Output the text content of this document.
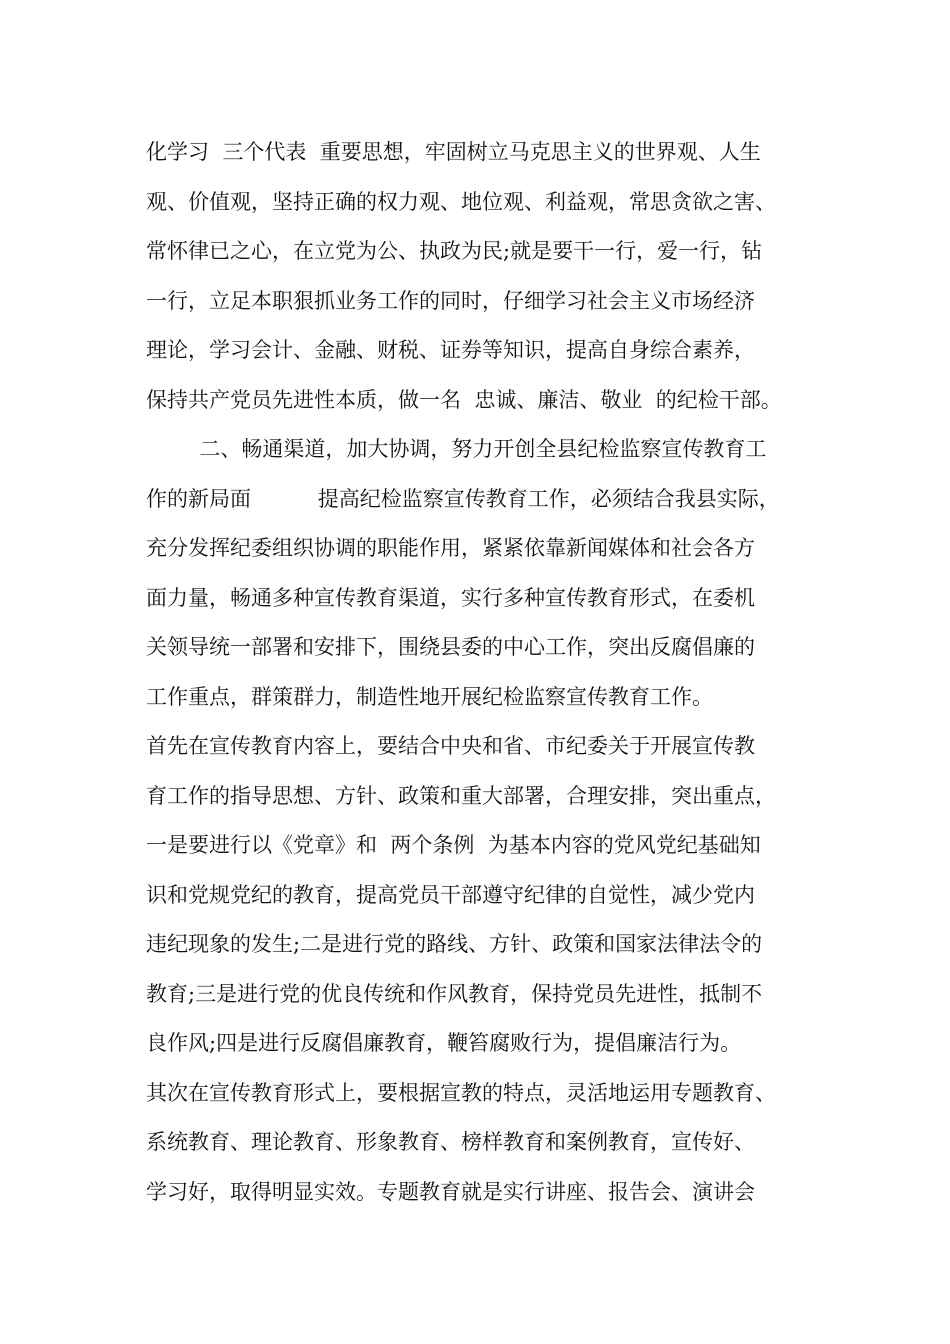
化学习  三个代表  重要思想，牢固树立马克思主义的世界观、人生
观、价值观，坚持正确的权力观、地位观、利益观，常思贪欲之害、
常怀律已之心，在立党为公、执政为民;就是要干一行，爱一行，钻
一行，立足本职狠抓业务工作的同时，仔细学习社会主义市场经济
理论，学习会计、金融、财税、证券等知识，提高自身综合素养，
保持共产党员先进性本质，做一名  忠诚、廉洁、敬业  的纪检干部。
二、畅通渠道，加大协调，努力开创全县纪检监察宣传教育工
作的新局面          提高纪检监察宣传教育工作，必须结合我县实际，
充分发挥纪委组织协调的职能作用，紧紧依靠新闻媒体和社会各方
面力量，畅通多种宣传教育渠道，实行多种宣传教育形式，在委机
关领导统一部署和安排下，围绕县委的中心工作，突出反腐倡廉的
工作重点，群策群力，制造性地开展纪检监察宣传教育工作。
首先在宣传教育内容上，要结合中央和省、市纪委关于开展宣传教
育工作的指导思想、方针、政策和重大部署，合理安排，突出重点，
一是要进行以《党章》和  两个条例  为基本内容的党风党纪基础知
识和党规党纪的教育，提高党员干部遵守纪律的自觉性，减少党内
违纪现象的发生;二是进行党的路线、方针、政策和国家法律法令的
教育;三是进行党的优良传统和作风教育，保持党员先进性，抵制不
良作风;四是进行反腐倡廉教育，鞭笞腐败行为，提倡廉洁行为。
其次在宣传教育形式上，要根据宣教的特点，灵活地运用专题教育、
系统教育、理论教育、形象教育、榜样教育和案例教育，宣传好、
学习好，取得明显实效。专题教育就是实行讲座、报告会、演讲会
